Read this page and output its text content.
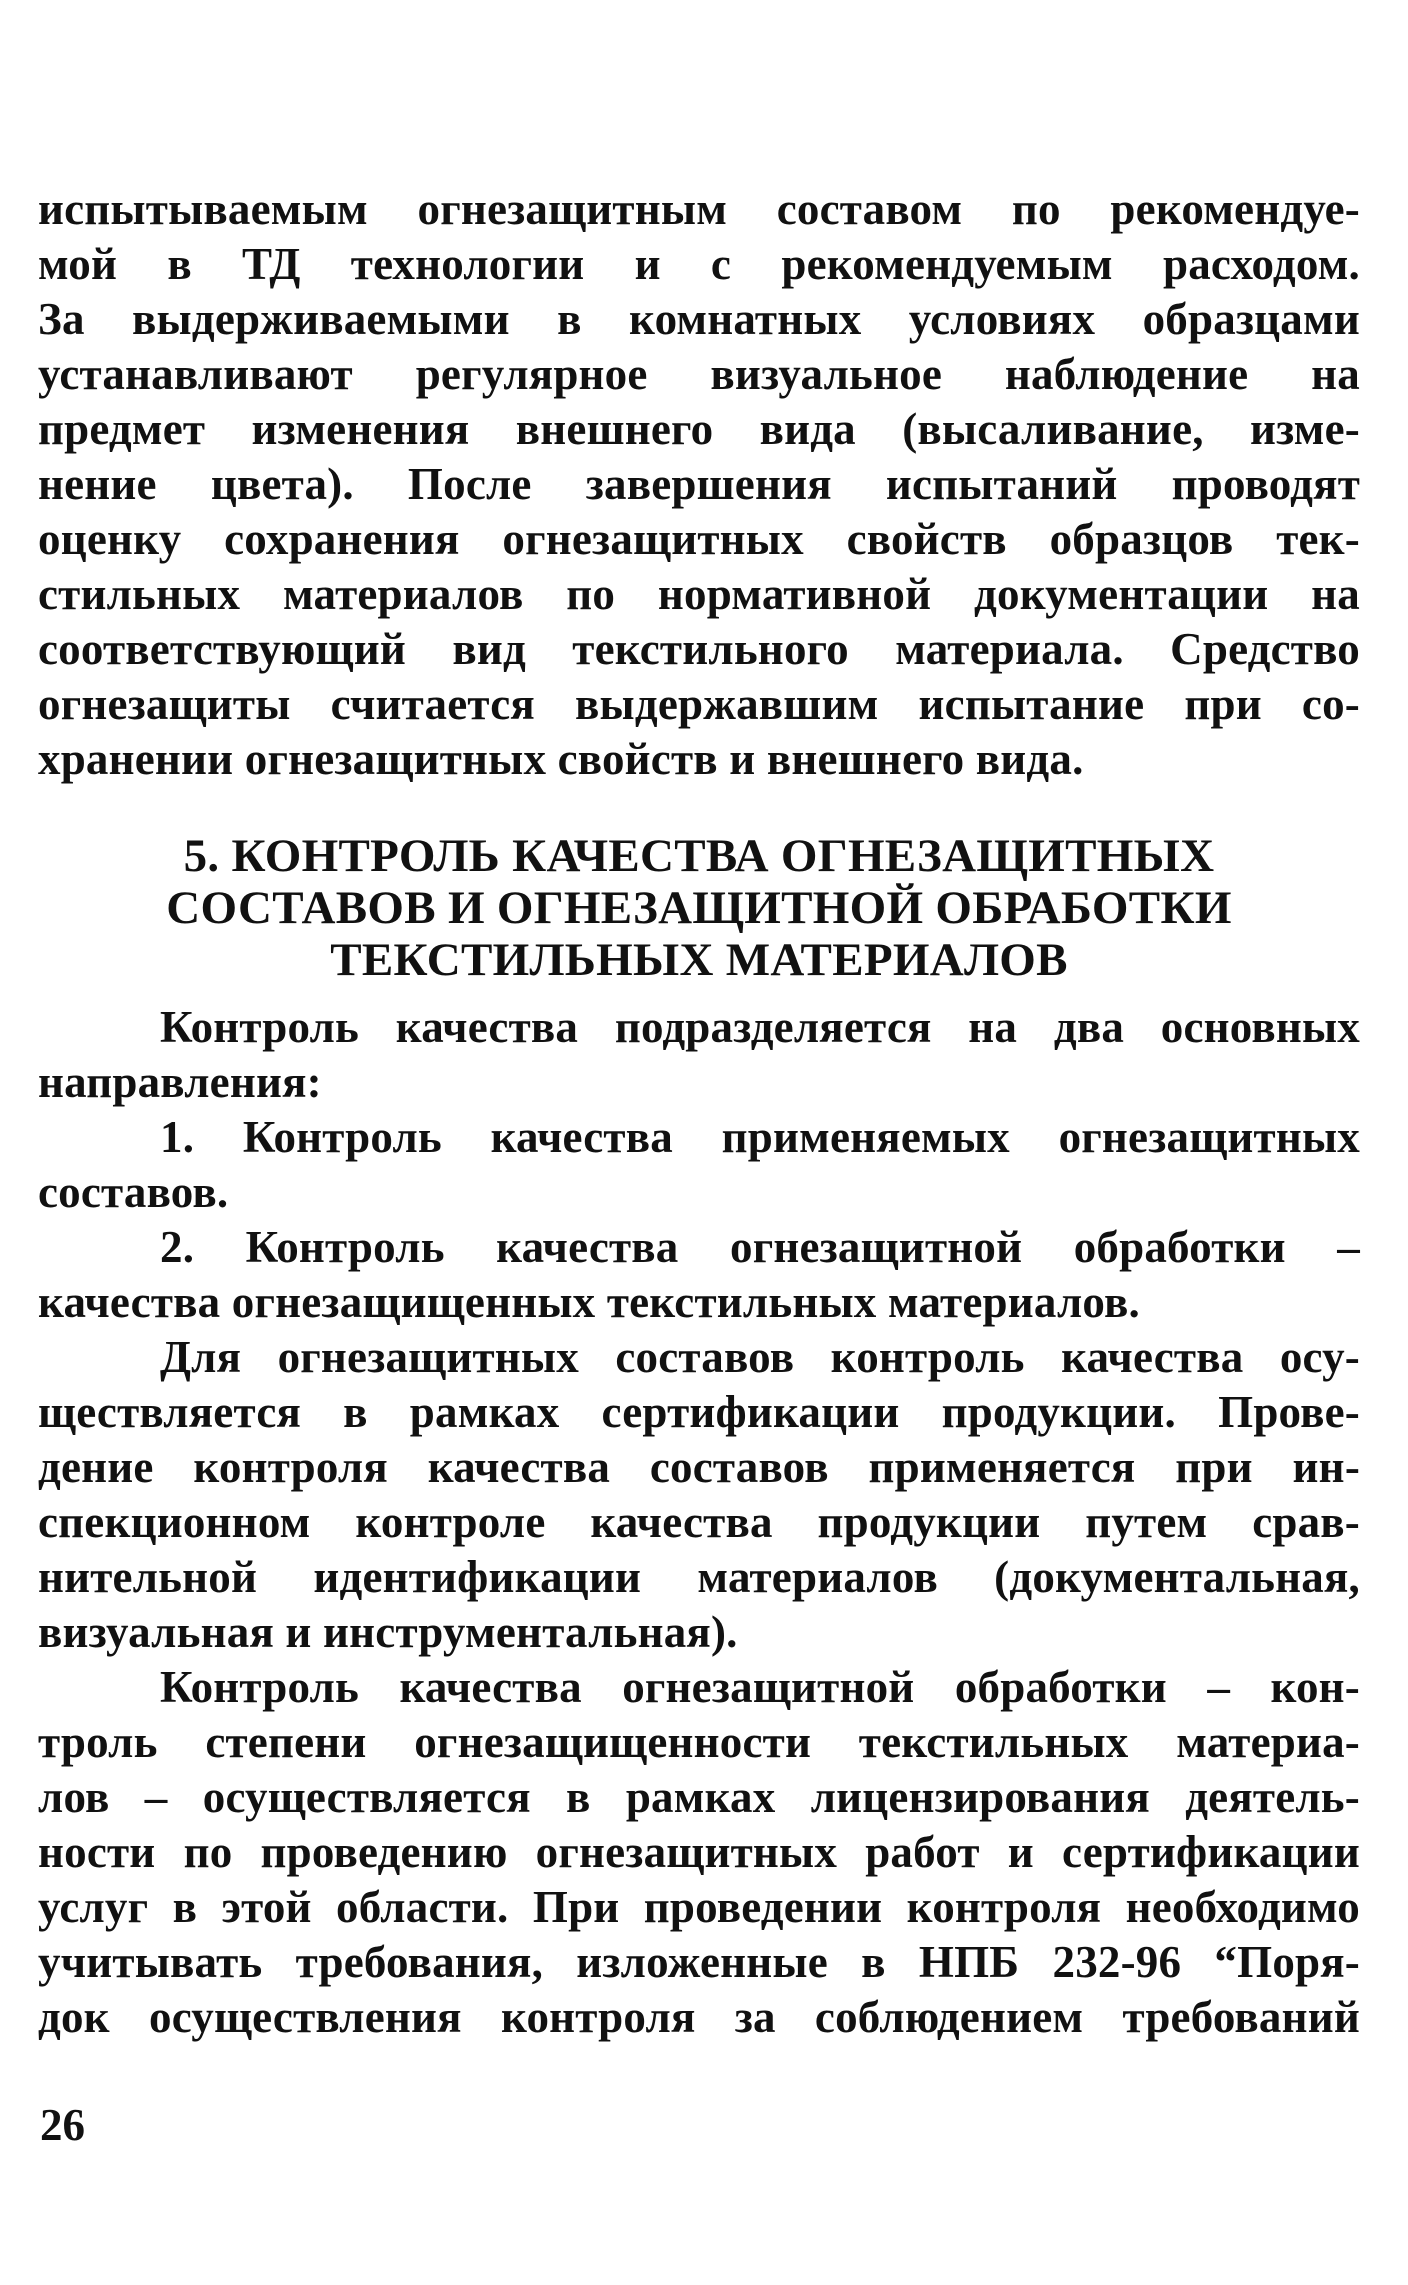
испытываемым огнезащитным составом по рекомендуе-
мой в ТД технологии и с рекомендуемым расходом.
За выдерживаемыми в комнатных условиях образцами
устанавливают регулярное визуальное наблюдение на
предмет изменения внешнего вида (высаливание, изме-
нение цвета). После завершения испытаний проводят
оценку сохранения огнезащитных свойств образцов тек-
стильных материалов по нормативной документации на
соответствующий вид текстильного материала. Средство
огнезащиты считается выдержавшим испытание при со-
хранении огнезащитных свойств и внешнего вида.
5. КОНТРОЛЬ КАЧЕСТВА ОГНЕЗАЩИТНЫХ
СОСТАВОВ И ОГНЕЗАЩИТНОЙ ОБРАБОТКИ
ТЕКСТИЛЬНЫХ МАТЕРИАЛОВ
Контроль качества подразделяется на два основных
направления:
1. Контроль качества применяемых огнезащитных
составов.
2. Контроль качества огнезащитной обработки –
качества огнезащищенных текстильных материалов.
Для огнезащитных составов контроль качества осу-
ществляется в рамках сертификации продукции. Прове-
дение контроля качества составов применяется при ин-
спекционном контроле качества продукции путем срав-
нительной идентификации материалов (документальная,
визуальная и инструментальная).
Контроль качества огнезащитной обработки – кон-
троль степени огнезащищенности текстильных материа-
лов – осуществляется в рамках лицензирования деятель-
ности по проведению огнезащитных работ и сертификации
услуг в этой области. При проведении контроля необходимо
учитывать требования, изложенные в НПБ 232-96 “Поря-
док осуществления контроля за соблюдением требований
26
